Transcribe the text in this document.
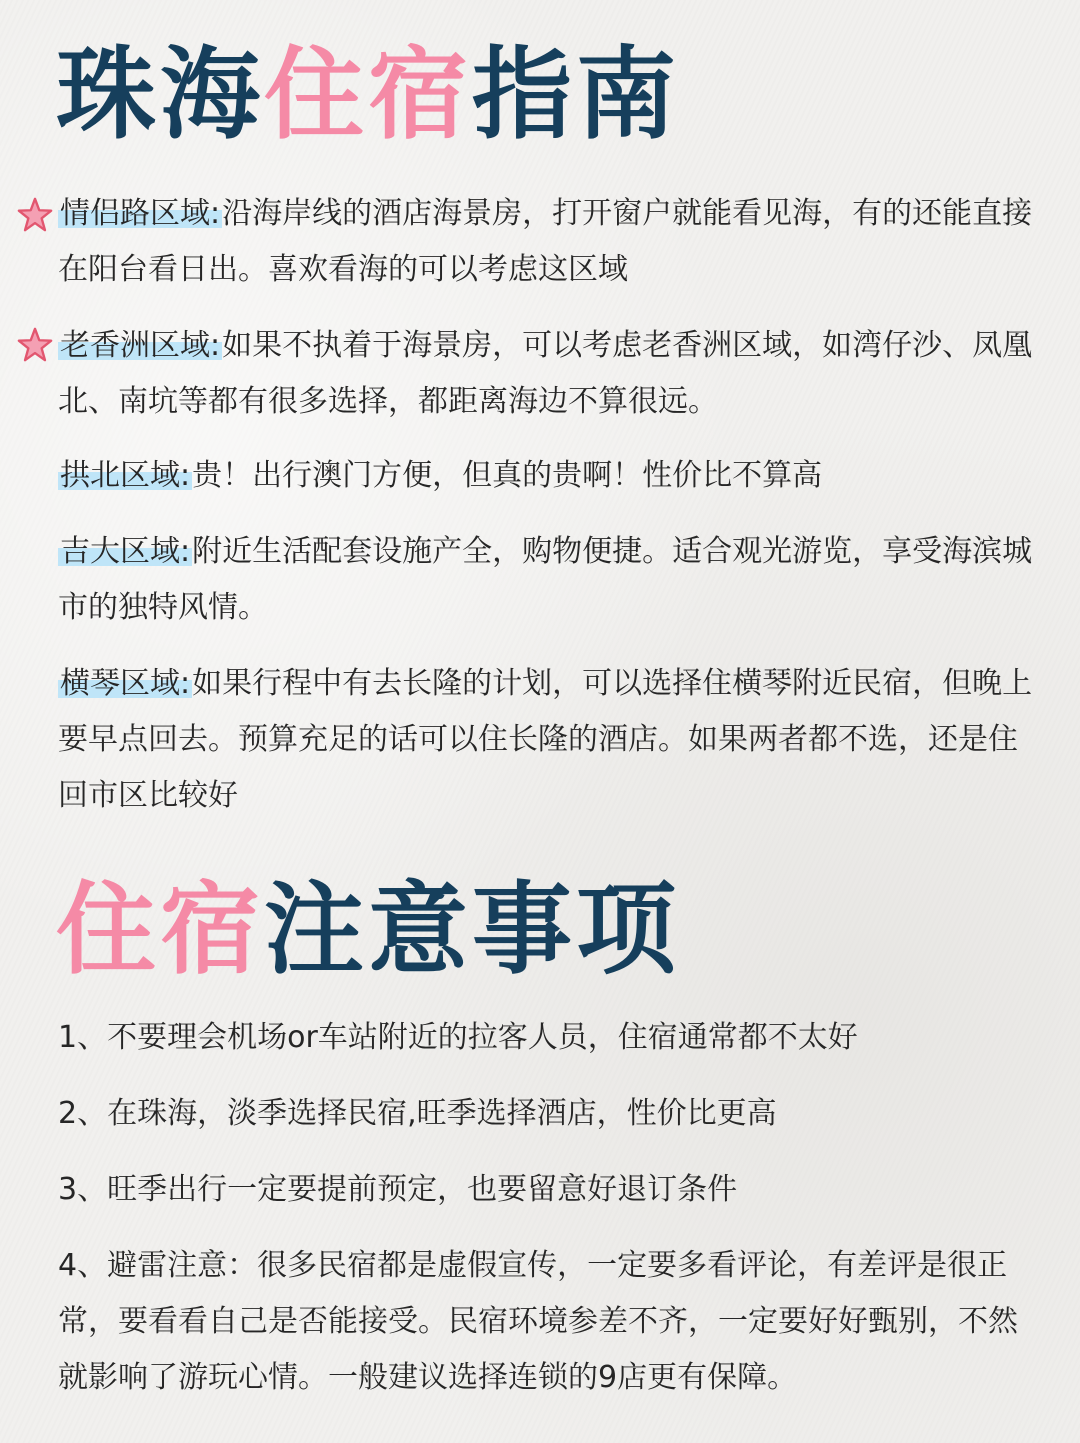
珠海住宿指南
情侣路区域:沿海岸线的酒店海景房，打开窗户就能看见海，有的还能直接在阳台看日出。喜欢看海的可以考虑这区域
老香洲区域:如果不执着于海景房，可以考虑老香洲区域，如湾仔沙、凤凰北、南坑等都有很多选择，都距离海边不算很远。
拱北区域:贵！出行澳门方便，但真的贵啊！性价比不算高
吉大区域:附近生活配套设施产全，购物便捷。适合观光游览，享受海滨城市的独特风情。
横琴区域:如果行程中有去长隆的计划，可以选择住横琴附近民宿，但晚上要早点回去。预算充足的话可以住长隆的酒店。如果两者都不选，还是住回市区比较好
住宿注意事项
1、不要理会机场or车站附近的拉客人员，住宿通常都不太好
2、在珠海，淡季选择民宿,旺季选择酒店，性价比更高
3、旺季出行一定要提前预定，也要留意好退订条件
4、避雷注意：很多民宿都是虚假宣传，一定要多看评论，有差评是很正常，要看看自己是否能接受。民宿环境参差不齐，一定要好好甄别，不然就影响了游玩心情。一般建议选择连锁的9店更有保障。
